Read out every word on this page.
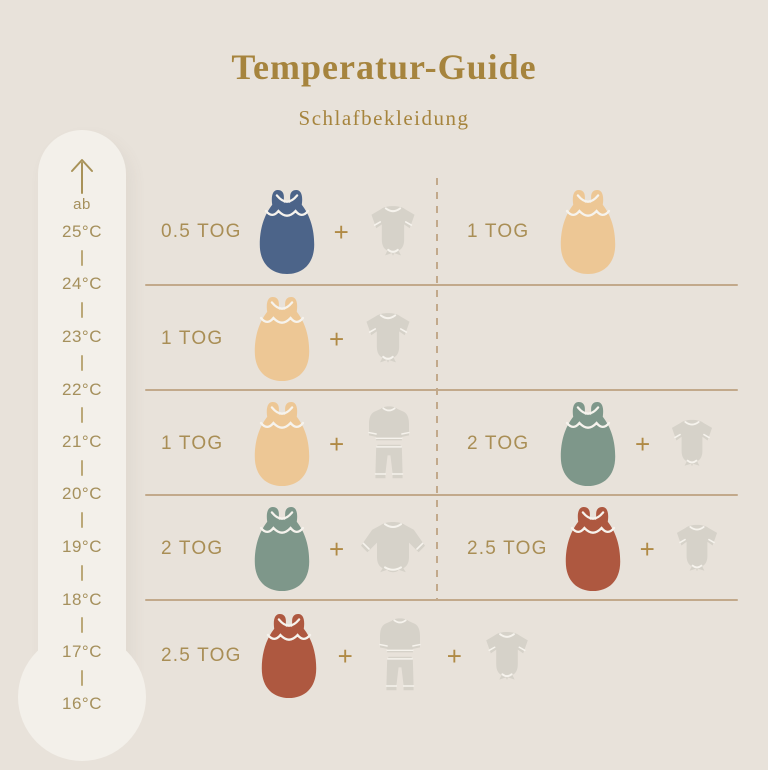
Temperatur-Guide
Schlafbekleidung
ab
25°C
24°C
23°C
22°C
21°C
20°C
19°C
18°C
17°C
16°C
0.5 TOG	+	1 TOG
1 TOG	+
1 TOG	+	2 TOG	+
2 TOG	+	2.5 TOG	+
2.5 TOG	+	+
